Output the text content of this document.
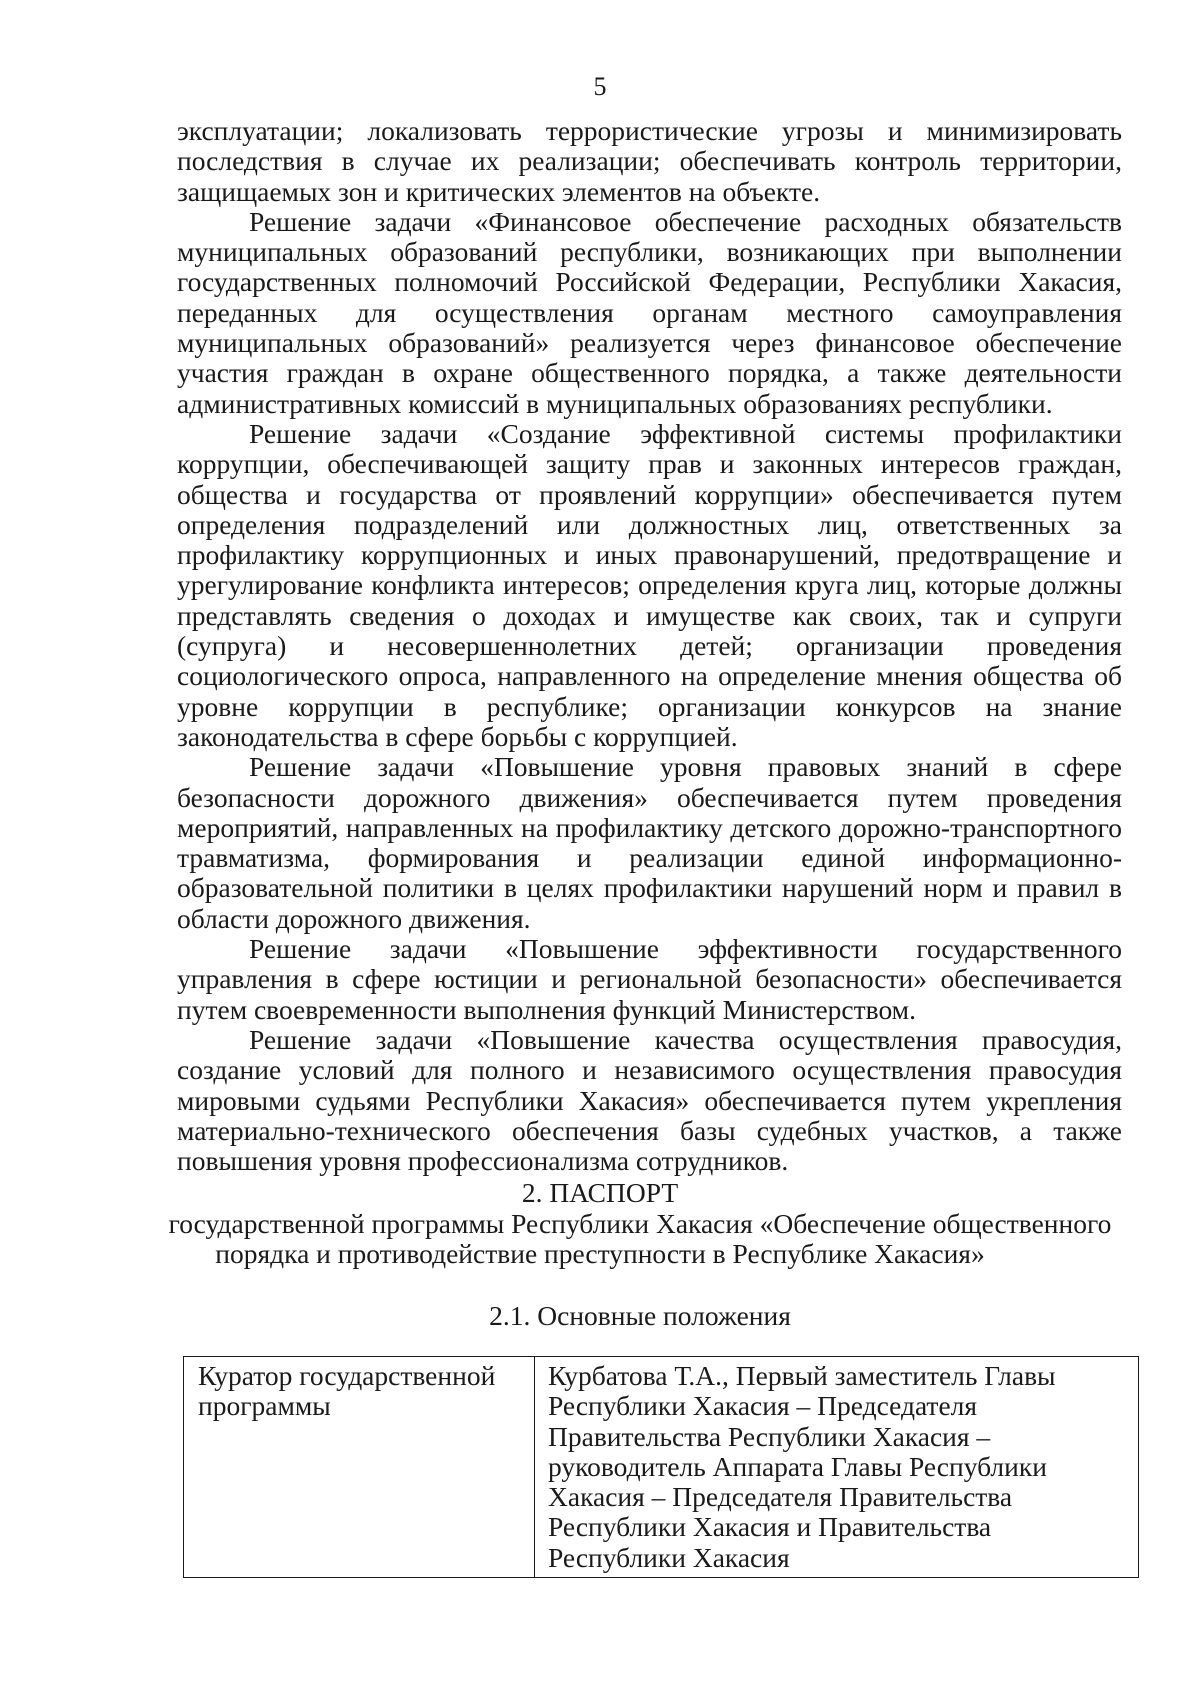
5

эксплуатации; локализовать террористические угрозы и минимизировать последствия в случае их реализации; обеспечивать контроль территории, защищаемых зон и критических элементов на объекте.

Решение задачи «Финансовое обеспечение расходных обязательств муниципальных образований республики, возникающих при выполнении государственных полномочий Российской Федерации, Республики Хакасия, переданных для осуществления органам местного самоуправления муниципальных образований» реализуется через финансовое обеспечение участия граждан в охране общественного порядка, а также деятельности административных комиссий в муниципальных образованиях республики.

Решение задачи «Создание эффективной системы профилактики коррупции, обеспечивающей защиту прав и законных интересов граждан, общества и государства от проявлений коррупции» обеспечивается путем определения подразделений или должностных лиц, ответственных за профилактику коррупционных и иных правонарушений, предотвращение и урегулирование конфликта интересов; определения круга лиц, которые должны представлять сведения о доходах и имуществе как своих, так и супруги (супруга) и несовершеннолетних детей; организации проведения социологического опроса, направленного на определение мнения общества об уровне коррупции в республике; организации конкурсов на знание законодательства в сфере борьбы с коррупцией.

Решение задачи «Повышение уровня правовых знаний в сфере безопасности дорожного движения» обеспечивается путем проведения мероприятий, направленных на профилактику детского дорожно-транспортного травматизма, формирования и реализации единой информационно-образовательной политики в целях профилактики нарушений норм и правил в области дорожного движения.

Решение задачи «Повышение эффективности государственного управления в сфере юстиции и региональной безопасности» обеспечивается путем своевременности выполнения функций Министерством.

Решение задачи «Повышение качества осуществления правосудия, создание условий для полного и независимого осуществления правосудия мировыми судьями Республики Хакасия» обеспечивается путем укрепления материально-технического обеспечения базы судебных участков, а также повышения уровня профессионализма сотрудников.

2. ПАСПОРТ
государственной программы Республики Хакасия «Обеспечение общественного
порядка и противодействие преступности в Республике Хакасия»
2.1. Основные положения
Куратор государственной программы	Курбатова Т.А., Первый заместитель Главы Республики Хакасия – Председателя Правительства Республики Хакасия – руководитель Аппарата Главы Республики Хакасия – Председателя Правительства Республики Хакасия и Правительства Республики Хакасия
